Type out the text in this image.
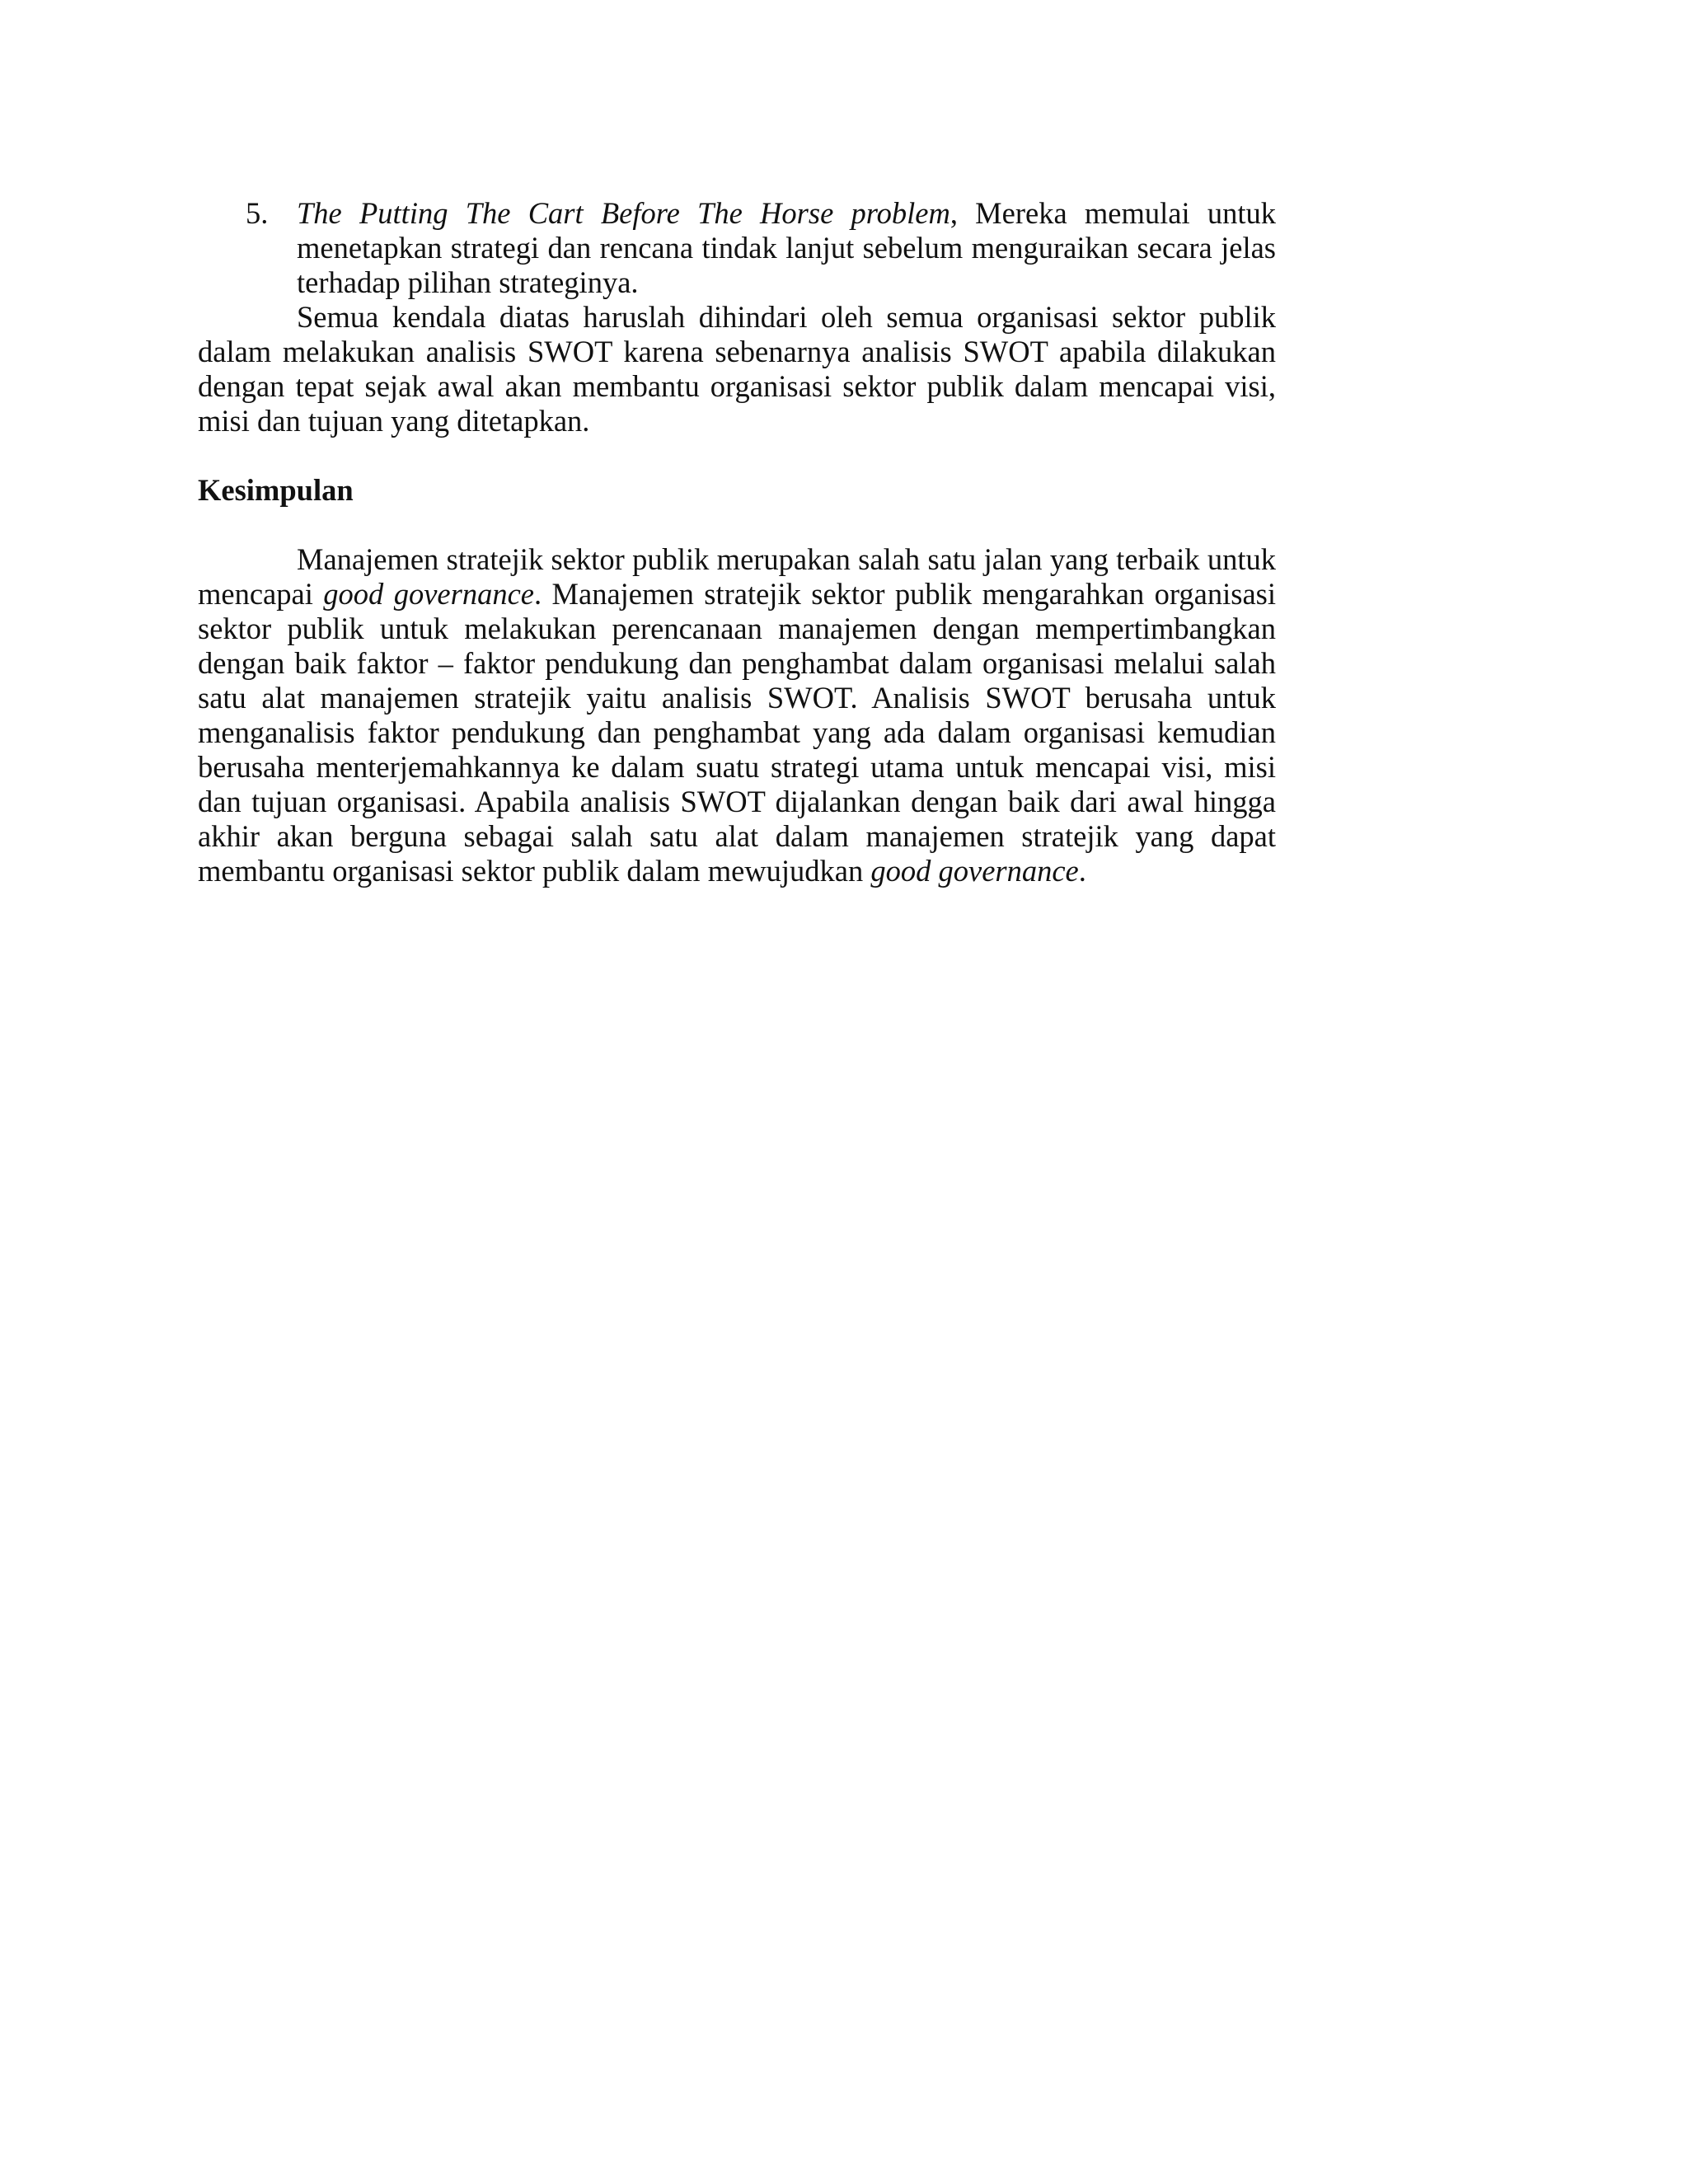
5. The Putting The Cart Before The Horse problem, Mereka memulai untuk menetapkan strategi dan rencana tindak lanjut sebelum menguraikan secara jelas terhadap pilihan strateginya.

Semua kendala diatas haruslah dihindari oleh semua organisasi sektor publik dalam melakukan analisis SWOT karena sebenarnya analisis SWOT apabila dilakukan dengan tepat sejak awal akan membantu organisasi sektor publik dalam mencapai visi, misi dan tujuan yang ditetapkan.

Kesimpulan

Manajemen stratejik sektor publik merupakan salah satu jalan yang terbaik untuk mencapai good governance. Manajemen stratejik sektor publik mengarahkan organisasi sektor publik untuk melakukan perencanaan manajemen dengan mempertimbangkan dengan baik faktor – faktor pendukung dan penghambat dalam organisasi melalui salah satu alat manajemen stratejik yaitu analisis SWOT. Analisis SWOT berusaha untuk menganalisis faktor pendukung dan penghambat yang ada dalam organisasi kemudian berusaha menterjemahkannya ke dalam suatu strategi utama untuk mencapai visi, misi dan tujuan organisasi. Apabila analisis SWOT dijalankan dengan baik dari awal hingga akhir akan berguna sebagai salah satu alat dalam manajemen stratejik yang dapat membantu organisasi sektor publik dalam mewujudkan good governance.
